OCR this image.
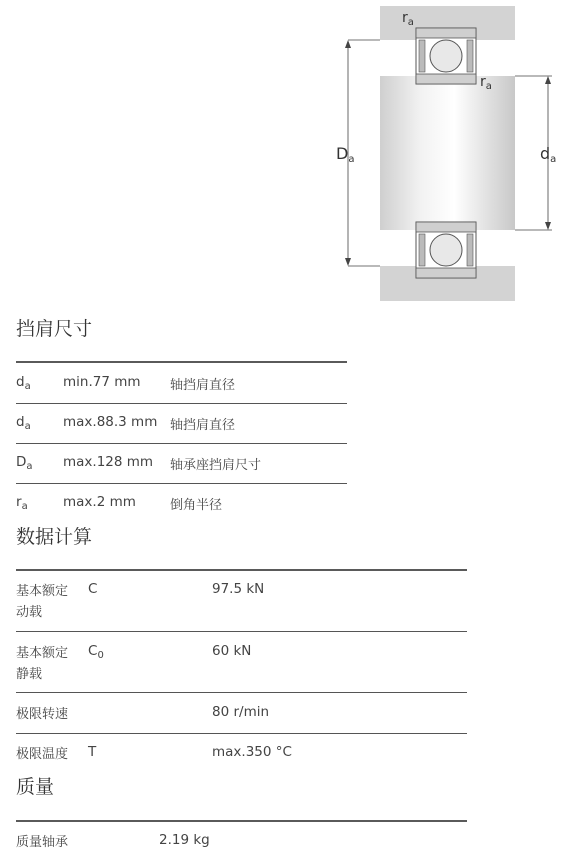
$r_a$
$r_a$
$D_a$	$d_a$
挡肩尺寸
$d_a$ min.77 mm 轴挡肩直径
$d_a$ max.88.3 mm 轴挡肩直径
$D_a$ max.128 mm 轴承座挡肩尺寸
$r_a$	max.2 mm	倒角半径
数据计算
基本额定
动载
C	97.5 kN
基本额定
静载
$C_0$	60 kN
极限转速	80 r/min
极限温度 T	max.350 °C
质量
质量轴承	2.19 kg
